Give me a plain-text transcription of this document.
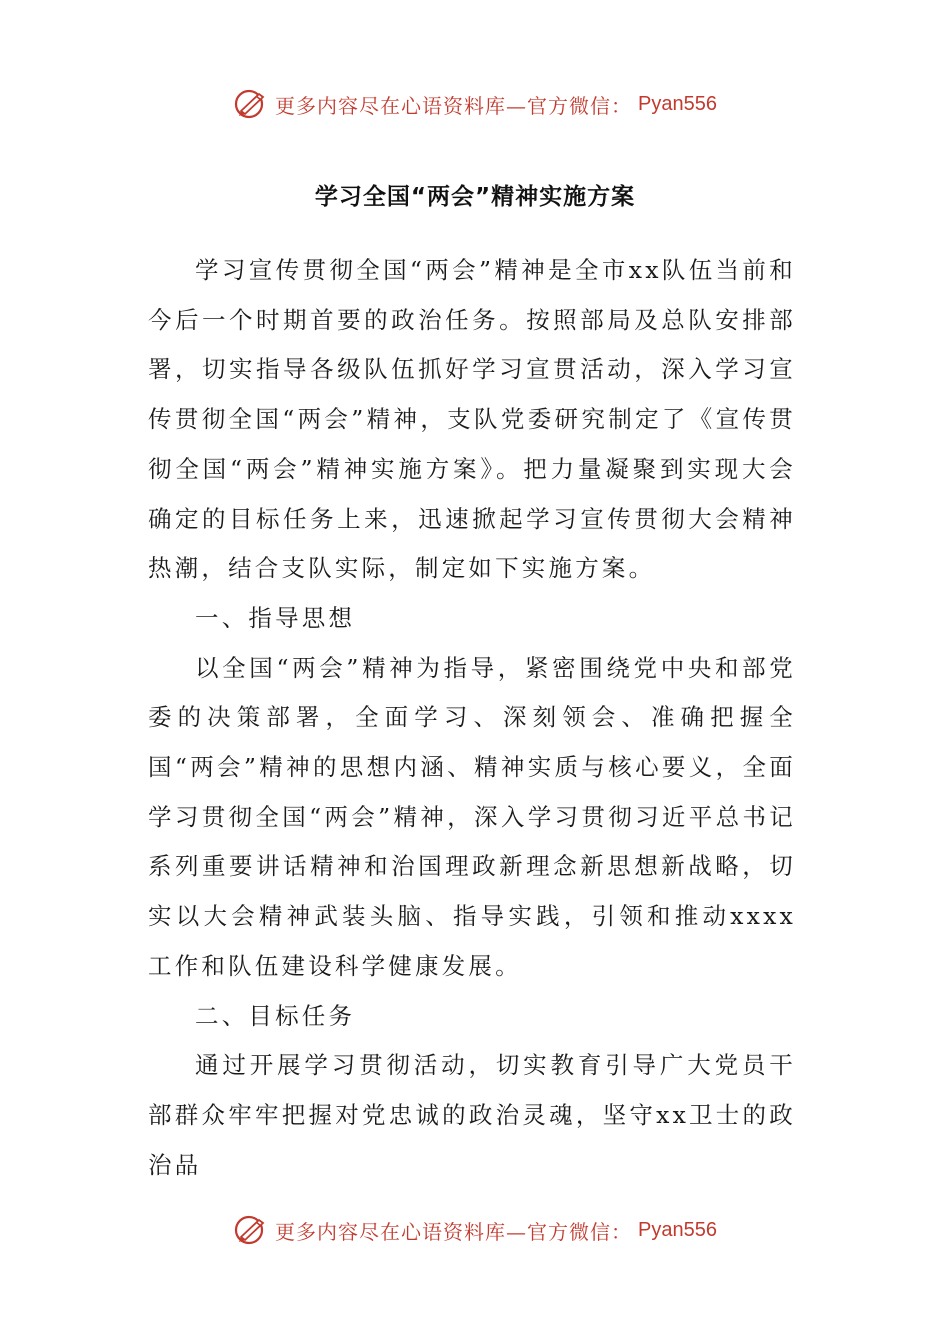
更多内容尽在心语资料库—官方微信： Pyan556
学习全国“两会”精神实施方案

学习宣传贯彻全国“两会”精神是全市xx队伍当前和今后一个时期首要的政治任务。按照部局及总队安排部署，切实指导各级队伍抓好学习宣贯活动，深入学习宣传贯彻全国“两会”精神，支队党委研究制定了《宣传贯彻全国“两会”精神实施方案》。把力量凝聚到实现大会确定的目标任务上来，迅速掀起学习宣传贯彻大会精神热潮，结合支队实际，制定如下实施方案。

一、指导思想

以全国“两会”精神为指导，紧密围绕党中央和部党委的决策部署，全面学习、深刻领会、准确把握全国“两会”精神的思想内涵、精神实质与核心要义，全面学习贯彻全国“两会”精神，深入学习贯彻习近平总书记系列重要讲话精神和治国理政新理念新思想新战略，切实以大会精神武装头脑、指导实践，引领和推动xxxx工作和队伍建设科学健康发展。

二、目标任务

通过开展学习贯彻活动，切实教育引导广大党员干部群众牢牢把握对党忠诚的政治灵魂，坚守xx卫士的政治品

更多内容尽在心语资料库—官方微信： Pyan556
